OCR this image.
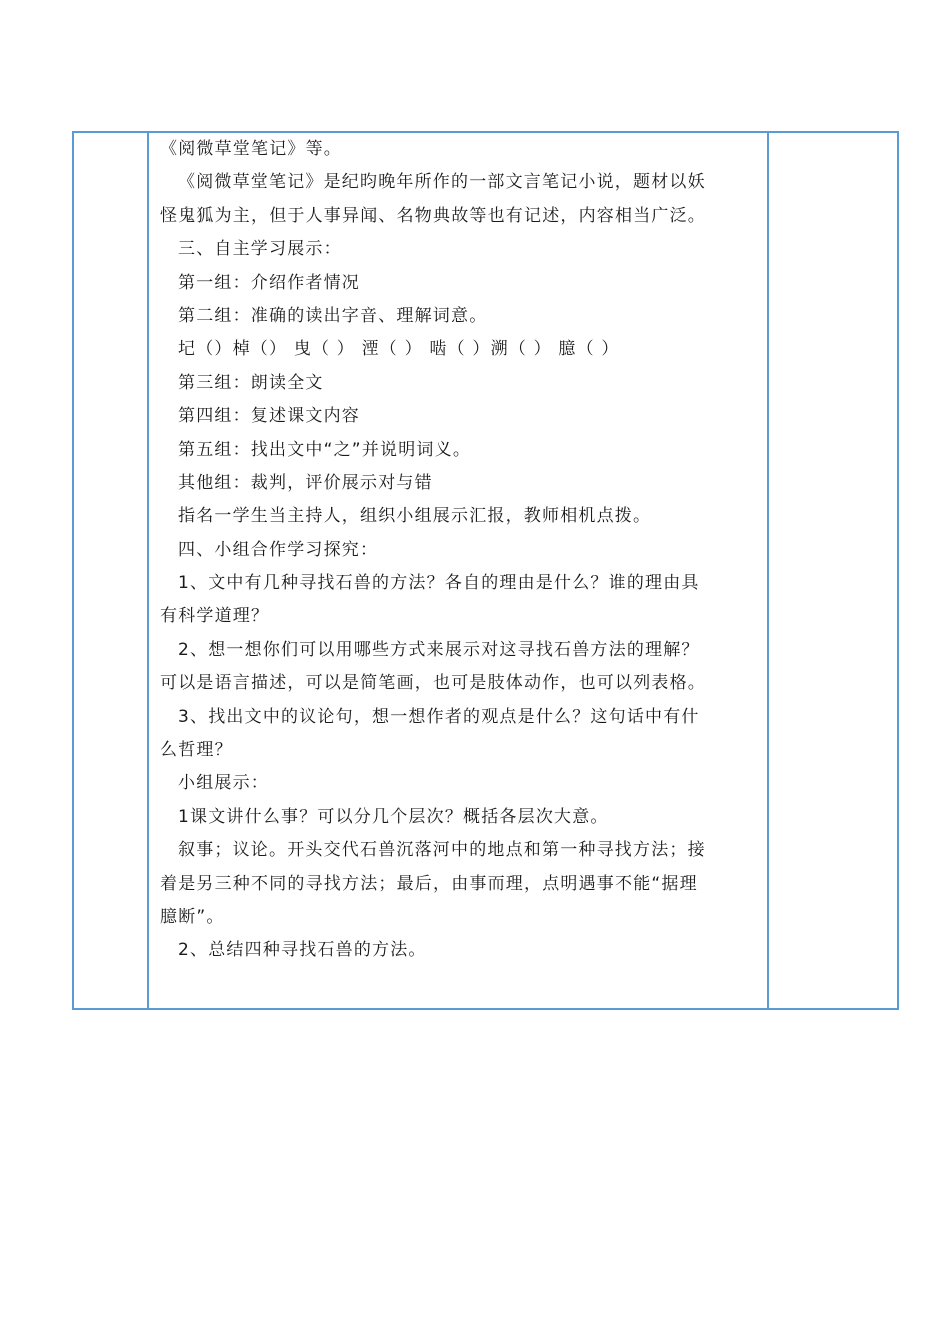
《阅微草堂笔记》等。
《阅微草堂笔记》是纪昀晚年所作的一部文言笔记小说，题材以妖
怪鬼狐为主，但于人事异闻、名物典故等也有记述，内容相当广泛。
三、自主学习展示：
第一组：介绍作者情况
第二组：准确的读出字音、理解词意。
圮（）棹（） 曳（ ） 湮（ ） 啮（ ）溯（ ） 臆（ ）
第三组：朗读全文
第四组：复述课文内容
第五组：找出文中“之”并说明词义。
其他组：裁判，评价展示对与错
指名一学生当主持人，组织小组展示汇报，教师相机点拨。
四、小组合作学习探究：
1、文中有几种寻找石兽的方法？各自的理由是什么？谁的理由具
有科学道理？
2、想一想你们可以用哪些方式来展示对这寻找石兽方法的理解？
可以是语言描述，可以是简笔画，也可是肢体动作，也可以列表格。
3、找出文中的议论句，想一想作者的观点是什么？这句话中有什
么哲理？
小组展示：
1课文讲什么事？可以分几个层次？概括各层次大意。
叙事；议论。开头交代石兽沉落河中的地点和第一种寻找方法；接
着是另三种不同的寻找方法；最后，由事而理，点明遇事不能“据理
臆断”。
2、总结四种寻找石兽的方法。
